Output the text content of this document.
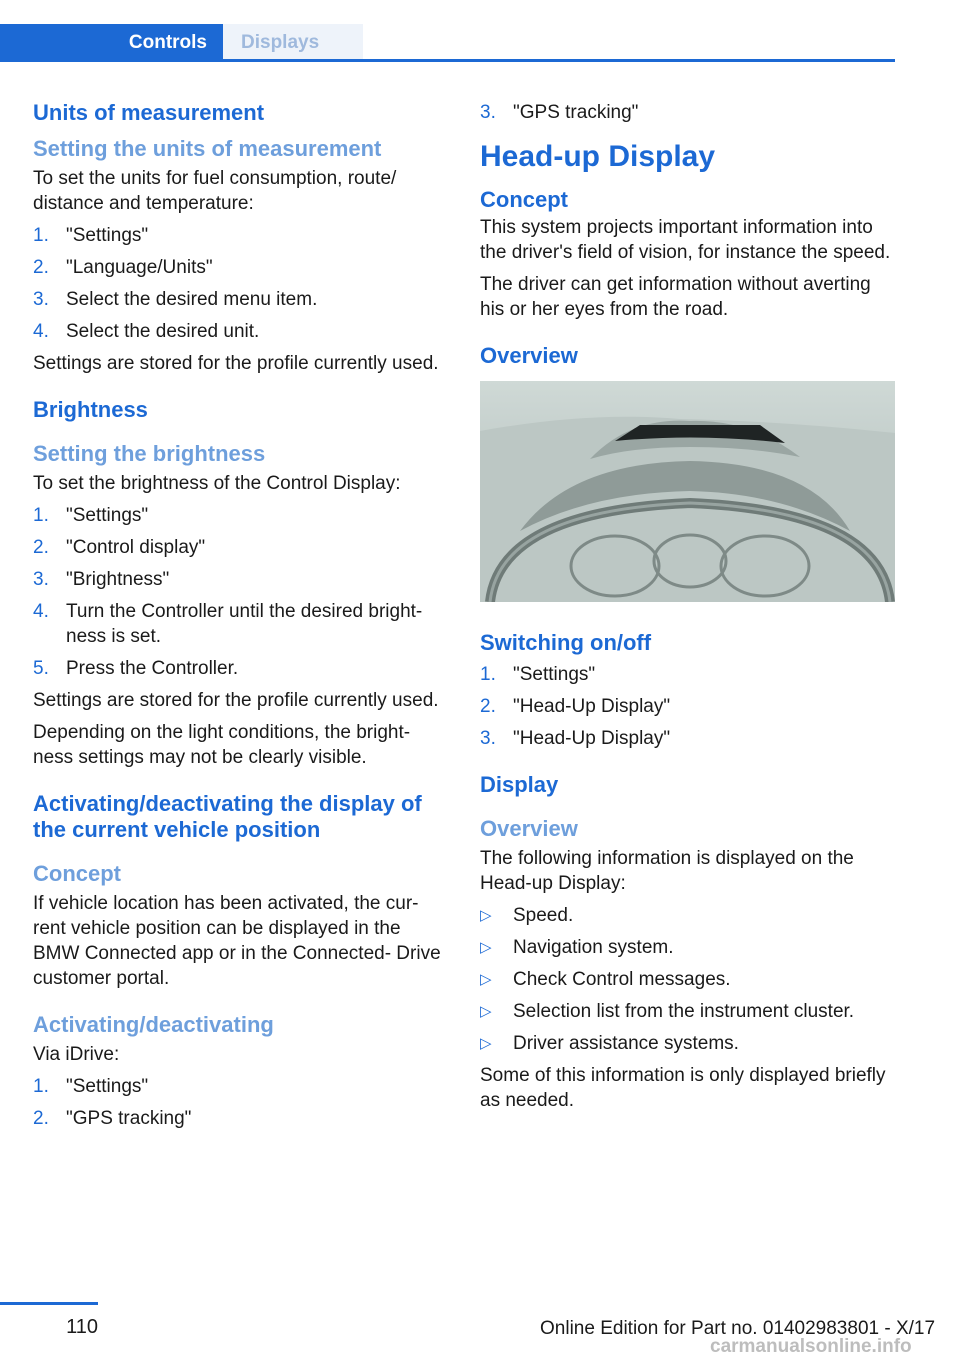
Controls	Displays
Units of measurement
Setting the units of measurement

To set the units for fuel consumption, route/ distance and temperature:

1. "Settings"
2. "Language/Units"
3. Select the desired menu item.
4. Select the desired unit.

Settings are stored for the profile currently used.

Brightness
Setting the brightness

To set the brightness of the Control Display:

1. "Settings"
2. "Control display"
3. "Brightness"
4. Turn the Controller until the desired bright‐ ness is set.
5. Press the Controller.

Settings are stored for the profile currently used.

Depending on the light conditions, the bright‐ ness settings may not be clearly visible.

Activating/deactivating the display of the current vehicle position
Concept

If vehicle location has been activated, the cur‐ rent vehicle position can be displayed in the BMW Connected app or in the Connected‐ Drive customer portal.

Activating/deactivating

Via iDrive:

1. "Settings"
2. "GPS tracking"
3. "GPS tracking"
Head-up Display
Concept

This system projects important information into the driver's field of vision, for instance the speed.

The driver can get information without averting his or her eyes from the road.

Overview
Switching on/off
1. "Settings"
2. "Head-Up Display"
3. "Head-Up Display"
Display
Overview

The following information is displayed on the Head-up Display:

▷ Speed.
▷ Navigation system.
▷ Check Control messages.
▷ Selection list from the instrument cluster.
▷ Driver assistance systems.

Some of this information is only displayed briefly as needed.

110	Online Edition for Part no. 01402983801 - X/17
carmanualsonline.info
